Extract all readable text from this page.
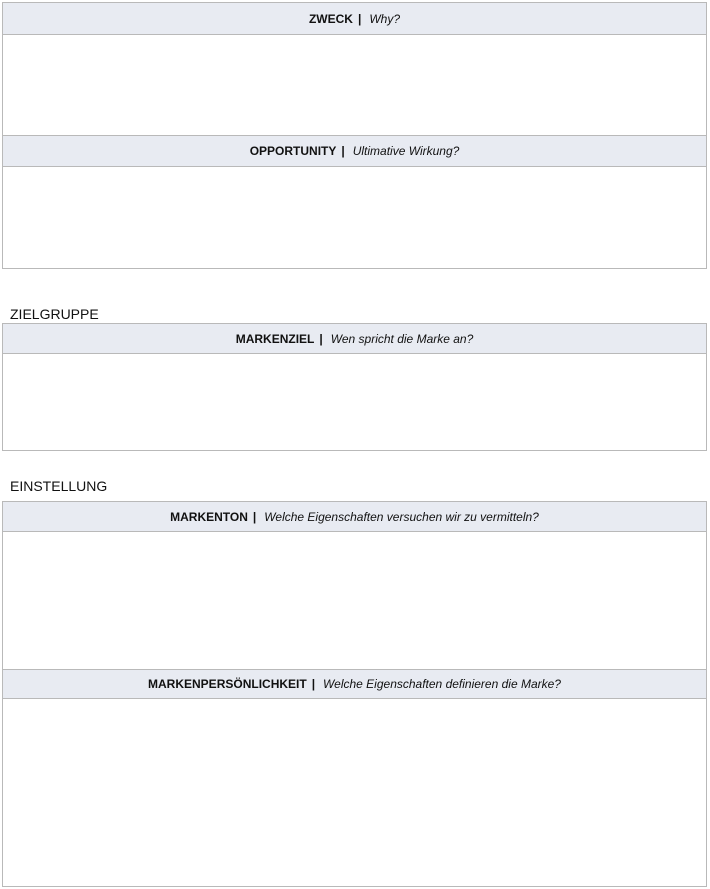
ZWECK | Why?
OPPORTUNITY | Ultimative Wirkung?
ZIELGRUPPE
MARKENZIEL | Wen spricht die Marke an?
EINSTELLUNG
MARKENTON | Welche Eigenschaften versuchen wir zu vermitteln?
MARKENPERSÖNLICHKEIT | Welche Eigenschaften definieren die Marke?
